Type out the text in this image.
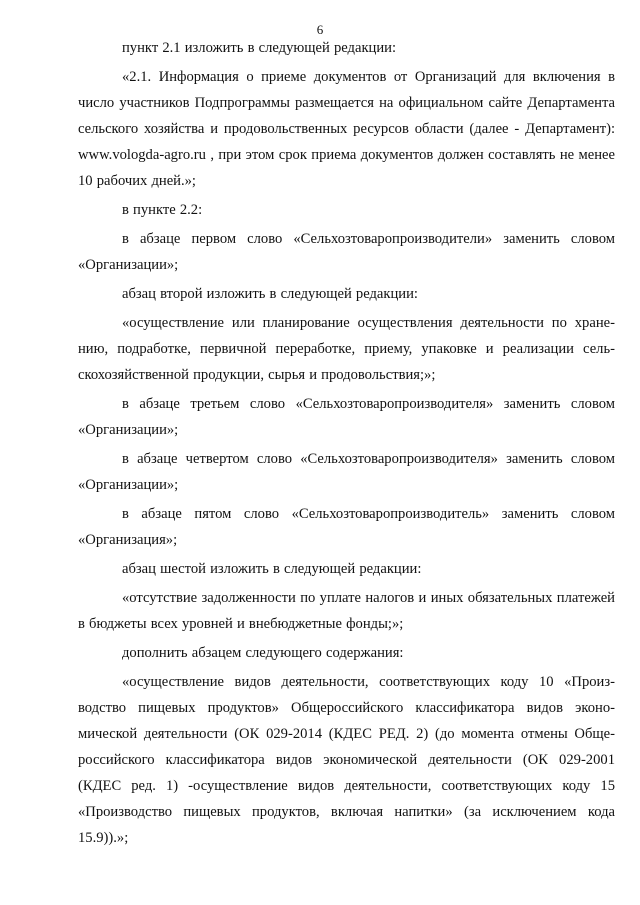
6

пункт 2.1 изложить в следующей редакции:

«2.1. Информация о приеме документов от Организаций для включения в число участников Подпрограммы размещается на официальном сайте Департамента сельского хозяйства и продовольственных ресурсов области (далее - Департамент): www.vologda-agro.ru , при этом срок приема документов должен составлять не менее 10 рабочих дней.»;

в пункте 2.2:

в абзаце первом слово «Сельхозтоваропроизводители» заменить словом «Организации»;

абзац второй изложить в следующей редакции:

«осуществление или планирование осуществления деятельности по хранению, подработке, первичной переработке, приему, упаковке и реализации сельскохозяйственной продукции, сырья и продовольствия;»;

в абзаце третьем слово «Сельхозтоваропроизводителя» заменить словом «Организации»;

в абзаце четвертом слово «Сельхозтоваропроизводителя» заменить словом «Организации»;

в абзаце пятом слово «Сельхозтоваропроизводитель» заменить словом «Организация»;

абзац шестой изложить в следующей редакции:

«отсутствие задолженности по уплате налогов и иных обязательных платежей в бюджеты всех уровней и внебюджетные фонды;»;

дополнить абзацем следующего содержания:

«осуществление видов деятельности, соответствующих коду 10 «Производство пищевых продуктов» Общероссийского классификатора видов экономической деятельности (ОК 029-2014 (КДЕС РЕД. 2) (до момента отмены Общероссийского классификатора видов экономической деятельности (ОК 029-2001 (КДЕС ред. 1) -осуществление видов деятельности, соответствующих коду 15 «Производство пищевых продуктов, включая напитки» (за исключением кода 15.9)).»;
